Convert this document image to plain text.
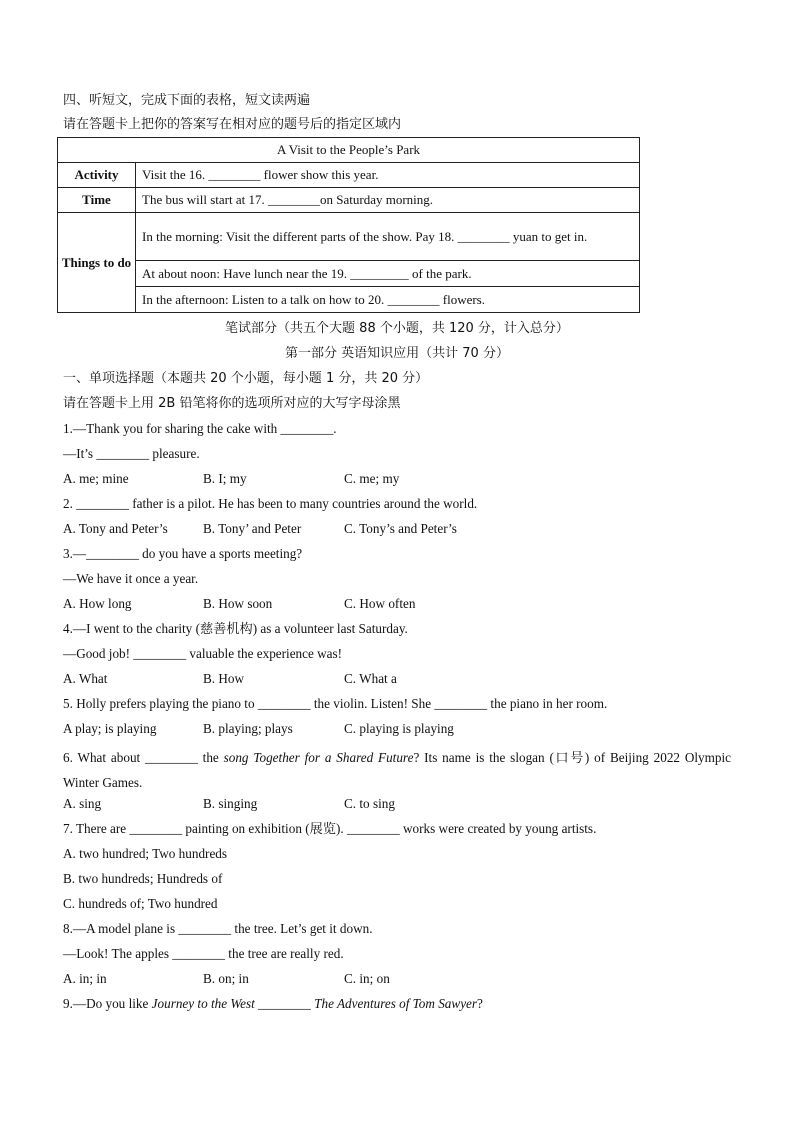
四、听短文，完成下面的表格，短文读两遍
请在答题卡上把你的答案写在相对应的题号后的指定区域内
A Visit to the People’s Park	
Activity	Visit the 16. ________ flower show this year.
Time	The bus will start at 17. ________on Saturday morning.
Things to do	In the morning: Visit the different parts of the show. Pay 18. ________ yuan to get in.
	At about noon: Have lunch near the 19. _________ of the park.
	In the afternoon: Listen to a talk on how to 20. ________ flowers.
笔试部分（共五个大题 88 个小题，共 120 分，计入总分）
第一部分 英语知识应用（共计 70 分）
一、单项选择题（本题共 20 个小题，每小题 1 分，共 20 分）
请在答题卡上用 2B 铅笔将你的选项所对应的大写字母涂黑
1.—Thank you for sharing the cake with ________.
—It’s ________ pleasure.
A. me; mine	B. I; my	C. me; my
2. ________ father is a pilot. He has been to many countries around the world.
A. Tony and Peter’s	B. Tony’ and Peter	C. Tony’s and Peter’s
3.—________ do you have a sports meeting?
—We have it once a year.
A. How long	B. How soon	C. How often
4.—I went to the charity (慈善机构) as a volunteer last Saturday.
—Good job! ________ valuable the experience was!
A. What	B. How	C. What a
5. Holly prefers playing the piano to ________ the violin. Listen! She ________ the piano in her room.
A play; is playing	B. playing; plays	C. playing is playing
6. What about ________ the song Together for a Shared Future? Its name is the slogan (口号) of Beijing 2022 Olympic Winter Games.
A. sing	B. singing	C. to sing
7. There are ________ painting on exhibition (展览). ________ works were created by young artists.
A. two hundred; Two hundreds
B. two hundreds; Hundreds of
C. hundreds of; Two hundred
8.—A model plane is ________ the tree. Let’s get it down.
—Look! The apples ________ the tree are really red.
A. in; in	B. on; in	C. in; on
9.—Do you like Journey to the West ________ The Adventures of Tom Sawyer?
